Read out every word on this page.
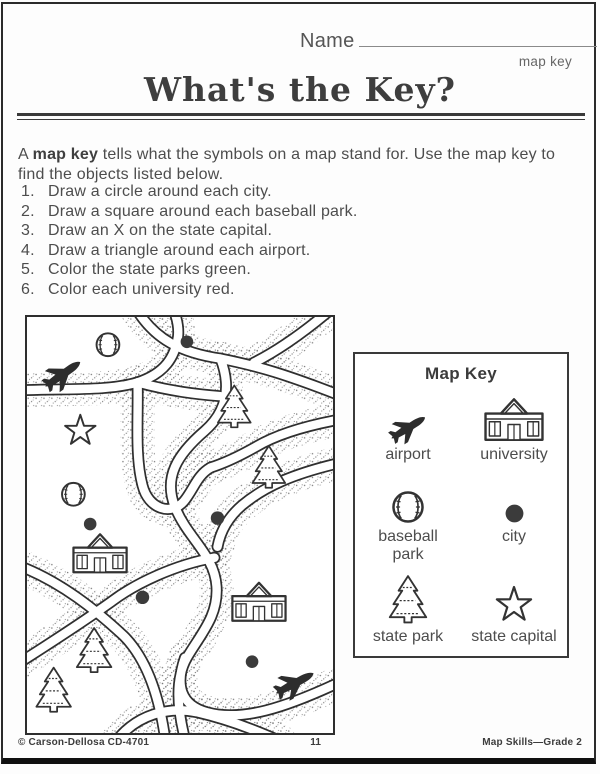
Name
map key
What's the Key?

A map key tells what the symbols on a map stand for. Use the map key to find the objects listed below.

1. Draw a circle around each city.
2. Draw a square around each baseball park.
3. Draw an X on the state capital.
4. Draw a triangle around each airport.
5. Color the state parks green.
6. Color each university red.
Map Key
airport	university
baseball park
city
state park state capital
© Carson-Dellosa CD-4701	11	Map Skills—Grade 2
